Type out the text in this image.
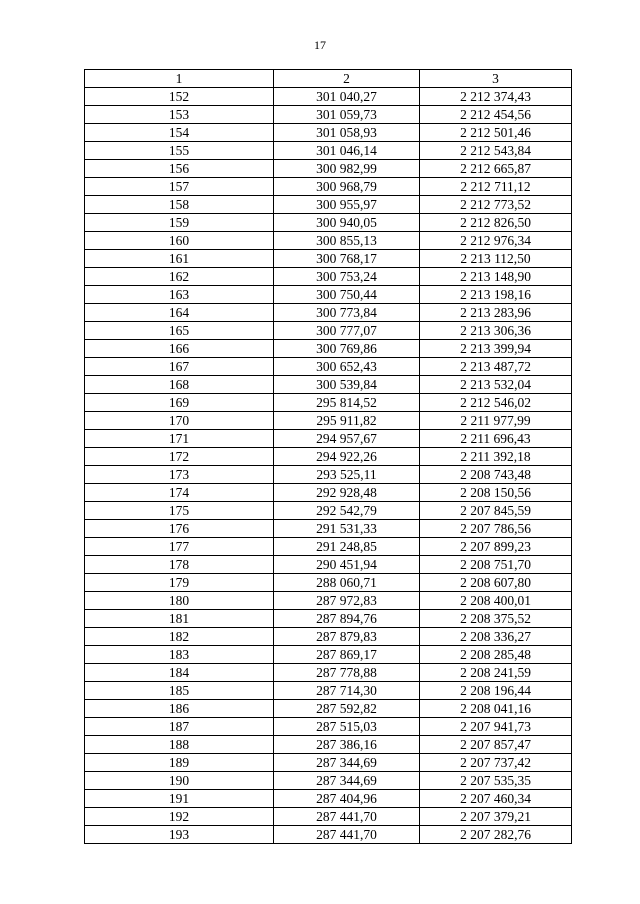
17
1	2	3
152	301 040,27	2 212 374,43
153	301 059,73	2 212 454,56
154	301 058,93	2 212 501,46
155	301 046,14	2 212 543,84
156	300 982,99	2 212 665,87
157	300 968,79	2 212 711,12
158	300 955,97	2 212 773,52
159	300 940,05	2 212 826,50
160	300 855,13	2 212 976,34
161	300 768,17	2 213 112,50
162	300 753,24	2 213 148,90
163	300 750,44	2 213 198,16
164	300 773,84	2 213 283,96
165	300 777,07	2 213 306,36
166	300 769,86	2 213 399,94
167	300 652,43	2 213 487,72
168	300 539,84	2 213 532,04
169	295 814,52	2 212 546,02
170	295 911,82	2 211 977,99
171	294 957,67	2 211 696,43
172	294 922,26	2 211 392,18
173	293 525,11	2 208 743,48
174	292 928,48	2 208 150,56
175	292 542,79	2 207 845,59
176	291 531,33	2 207 786,56
177	291 248,85	2 207 899,23
178	290 451,94	2 208 751,70
179	288 060,71	2 208 607,80
180	287 972,83	2 208 400,01
181	287 894,76	2 208 375,52
182	287 879,83	2 208 336,27
183	287 869,17	2 208 285,48
184	287 778,88	2 208 241,59
185	287 714,30	2 208 196,44
186	287 592,82	2 208 041,16
187	287 515,03	2 207 941,73
188	287 386,16	2 207 857,47
189	287 344,69	2 207 737,42
190	287 344,69	2 207 535,35
191	287 404,96	2 207 460,34
192	287 441,70	2 207 379,21
193	287 441,70	2 207 282,76
